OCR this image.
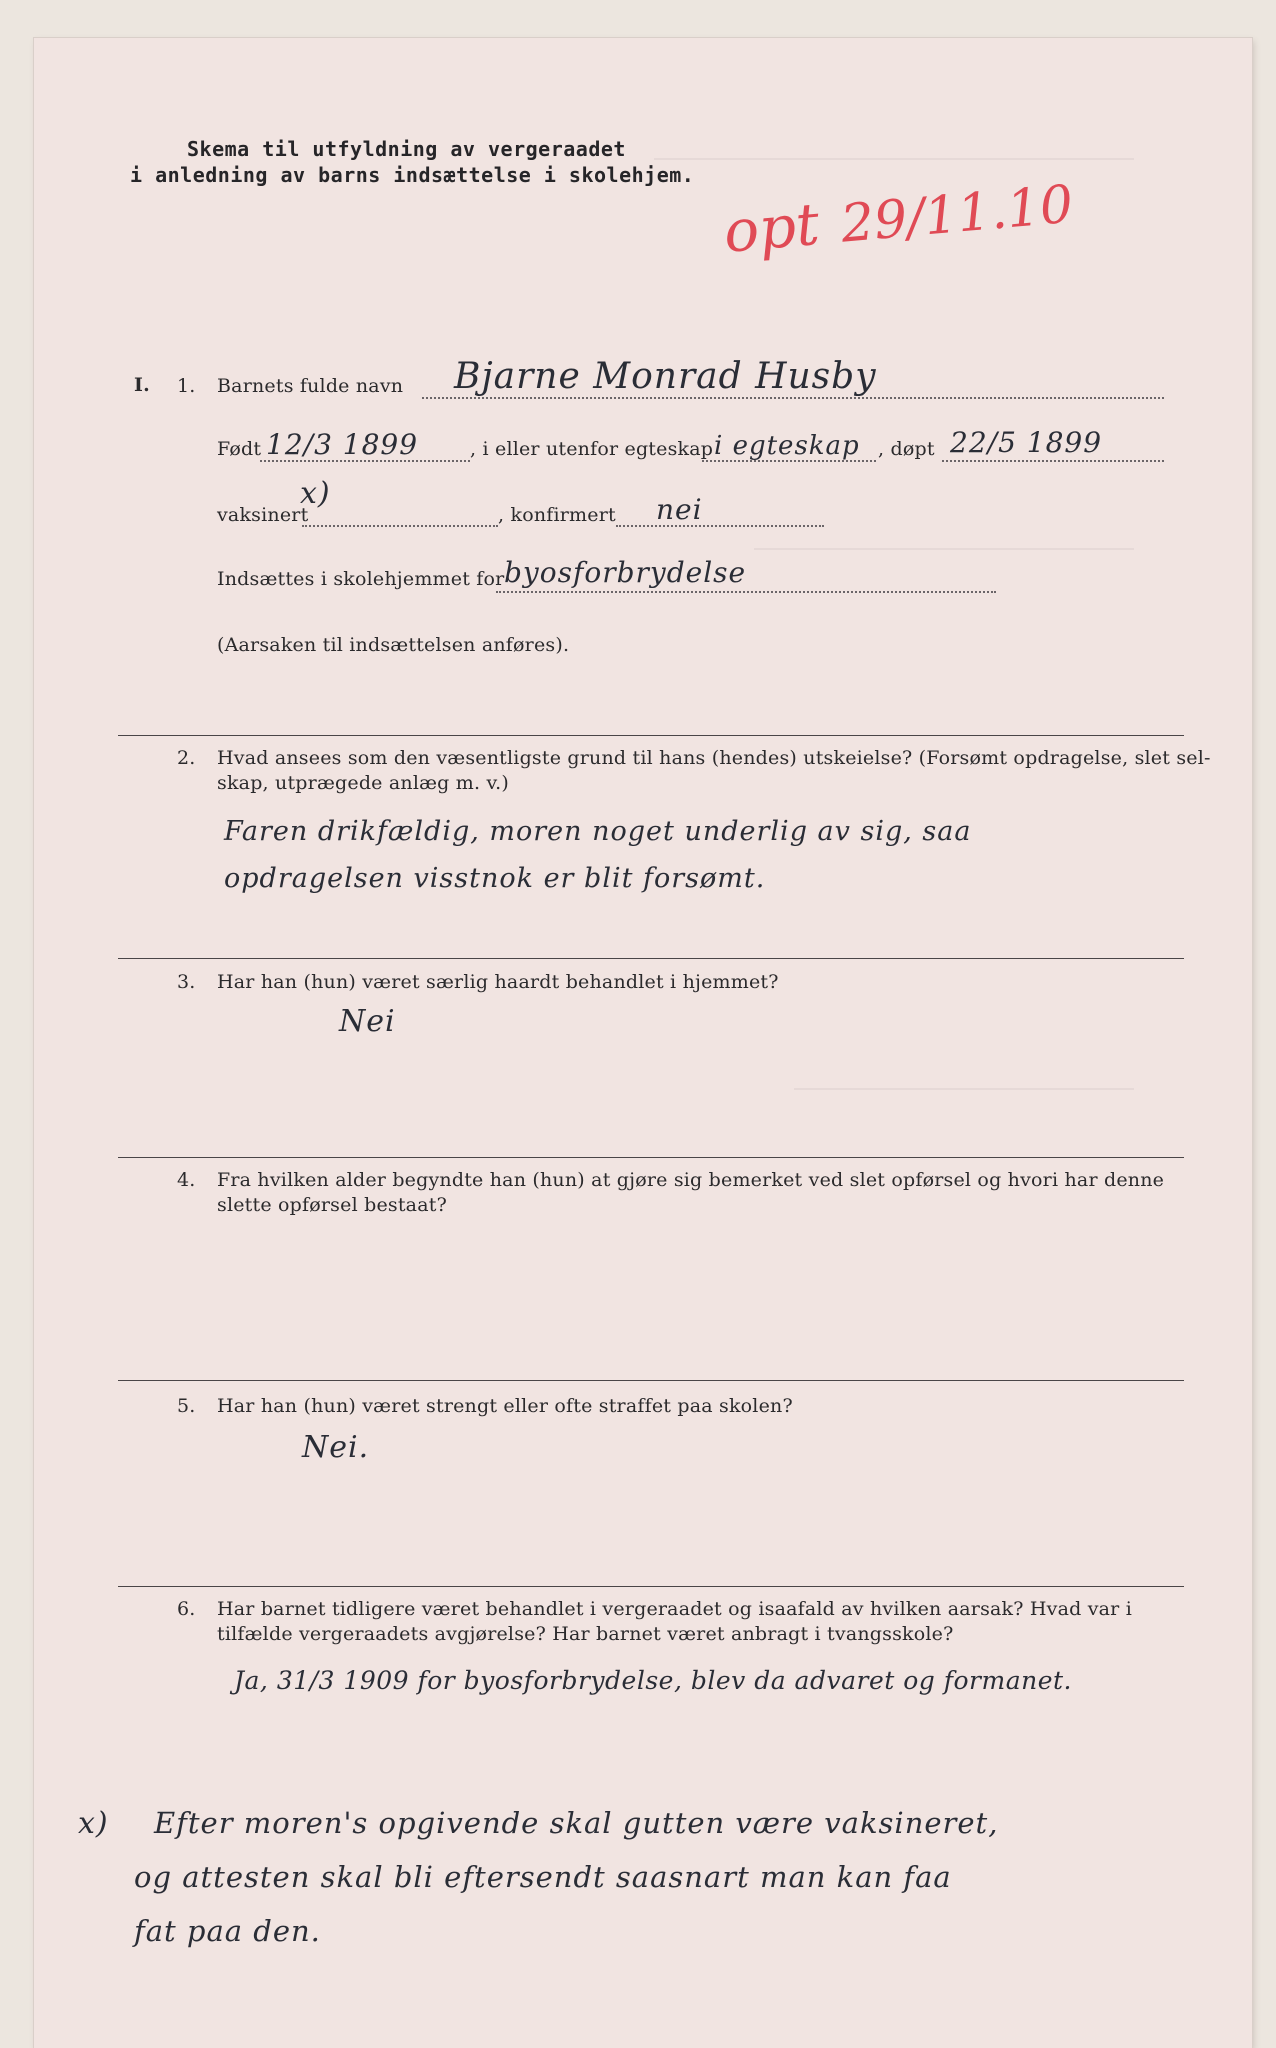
Skema til utfyldning av vergeraadet
i anledning av barns indsættelse i skolehjem.
opt 29/11.10
I. 1. Barnets fulde navn Bjarne Monrad Husby
Født 12/3 1899	, i eller utenfor egteskap i egteskap , døpt 22/5 1899
vaksinert
x)
, konfirmert nei
Indsættes i skolehjemmet for byosforbrydelse
(Aarsaken til indsættelsen anføres).
2. Hvad ansees som den væsentligste grund til hans (hendes) utskeielse? (Forsømt opdragelse, slet sel-
skap, utprægede anlæg m. v.)
Faren drikfældig, moren noget underlig av sig, saa
opdragelsen visstnok er blit forsømt.
3. Har han (hun) været særlig haardt behandlet i hjemmet?
Nei
4. Fra hvilken alder begyndte han (hun) at gjøre sig bemerket ved slet opførsel og hvori har denne
slette opførsel bestaat?
5. Har han (hun) været strengt eller ofte straffet paa skolen?
Nei.
6. Har barnet tidligere været behandlet i vergeraadet og isaafald av hvilken aarsak? Hvad var i
tilfælde vergeraadets avgjørelse? Har barnet været anbragt i tvangsskole?
Ja, 31/3 1909 for byosforbrydelse, blev da advaret og formanet.
x) Efter moren's opgivende skal gutten være vaksineret,
og attesten skal bli eftersendt saasnart man kan faa
fat paa den.
